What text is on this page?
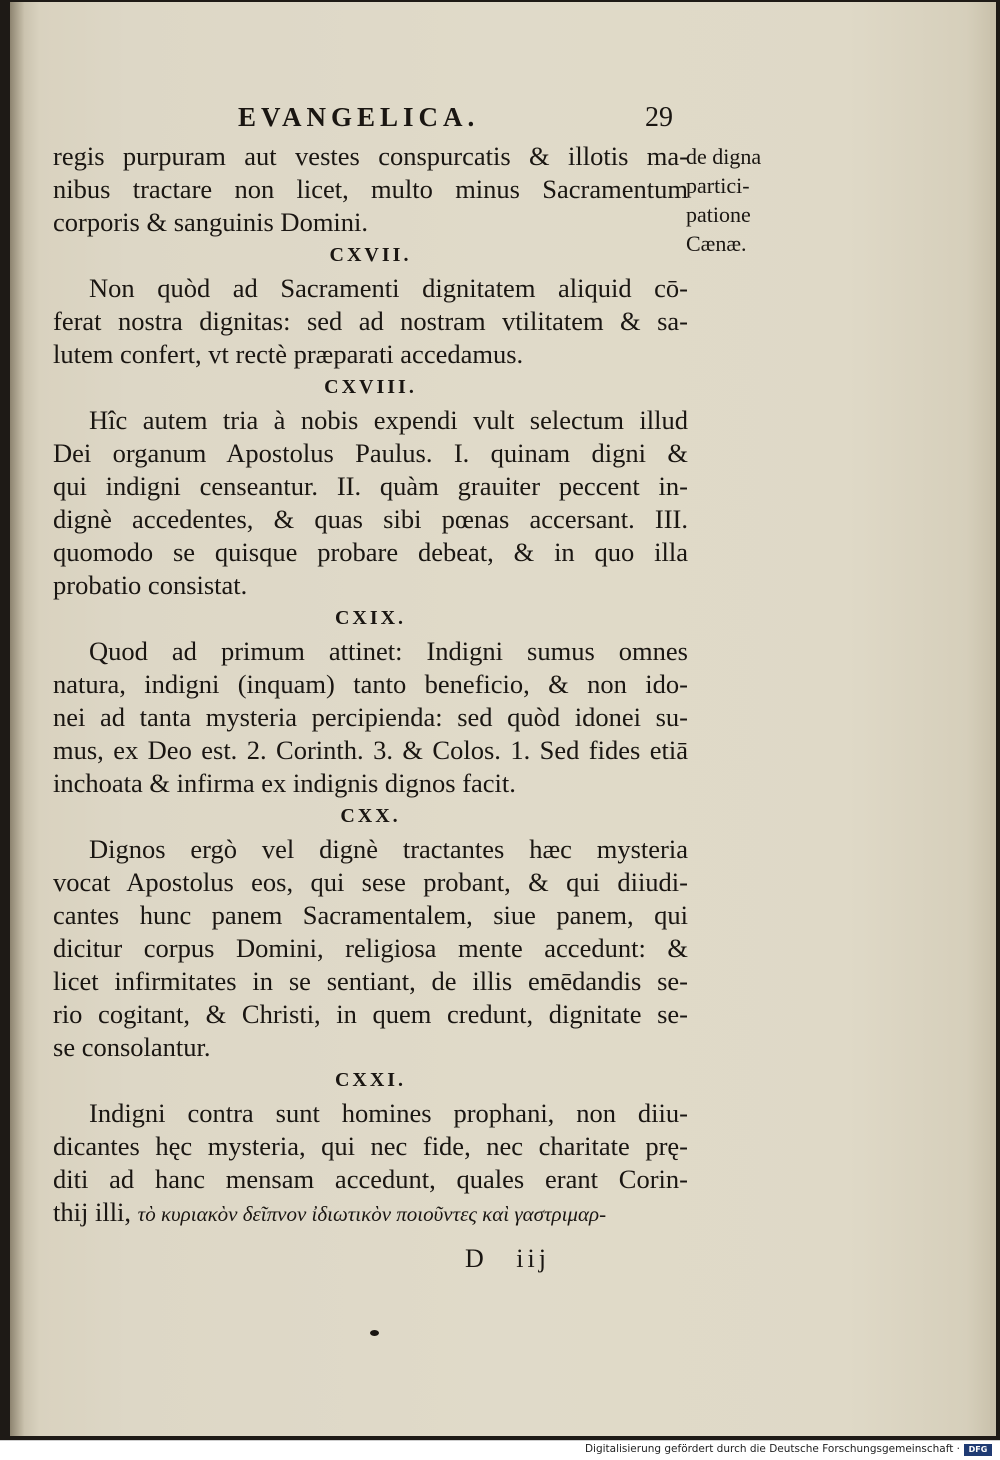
EVANGELICA.	29
de digna
partici-
patione
Cænæ.
regis purpuram aut vestes conspurcatis & illotis ma-
nibus tractare non licet, multo minus Sacramentum
corporis & sanguinis Domini.
CXVII.
Non quòd ad Sacramenti dignitatem aliquid cō-
ferat nostra dignitas: sed ad nostram vtilitatem & sa-
lutem confert, vt rectè præparati accedamus.
CXVIII.
Hîc autem tria à nobis expendi vult selectum illud
Dei organum Apostolus Paulus. I. quinam digni &
qui indigni censeantur. II. quàm grauiter peccent in-
dignè accedentes, & quas sibi pœnas accersant. III.
quomodo se quisque probare debeat, & in quo illa
probatio consistat.
CXIX.
Quod ad primum attinet: Indigni sumus omnes
natura, indigni (inquam) tanto beneficio, & non ido-
nei ad tanta mysteria percipienda: sed quòd idonei su-
mus, ex Deo est. 2. Corinth. 3. & Colos. 1. Sed fides etiā
inchoata & infirma ex indignis dignos facit.
CXX.
Dignos ergò vel dignè tractantes hæc mysteria
vocat Apostolus eos, qui sese probant, & qui diiudi-
cantes hunc panem Sacramentalem, siue panem, qui
dicitur corpus Domini, religiosa mente accedunt: &
licet infirmitates in se sentiant, de illis emēdandis se-
rio cogitant, & Christi, in quem credunt, dignitate se-
se consolantur.
CXXI.
Indigni contra sunt homines prophani, non diiu-
dicantes hęc mysteria, qui nec fide, nec charitate prę-
diti ad hanc mensam accedunt, quales erant Corin-
thij illi, τὸ κυριακὸν δεῖπνον ἰδιωτικὸν ποιοῦντες καὶ γαστριμαρ-
D iij
Digitalisierung gefördert durch die Deutsche Forschungsgemeinschaft ·	DFG
